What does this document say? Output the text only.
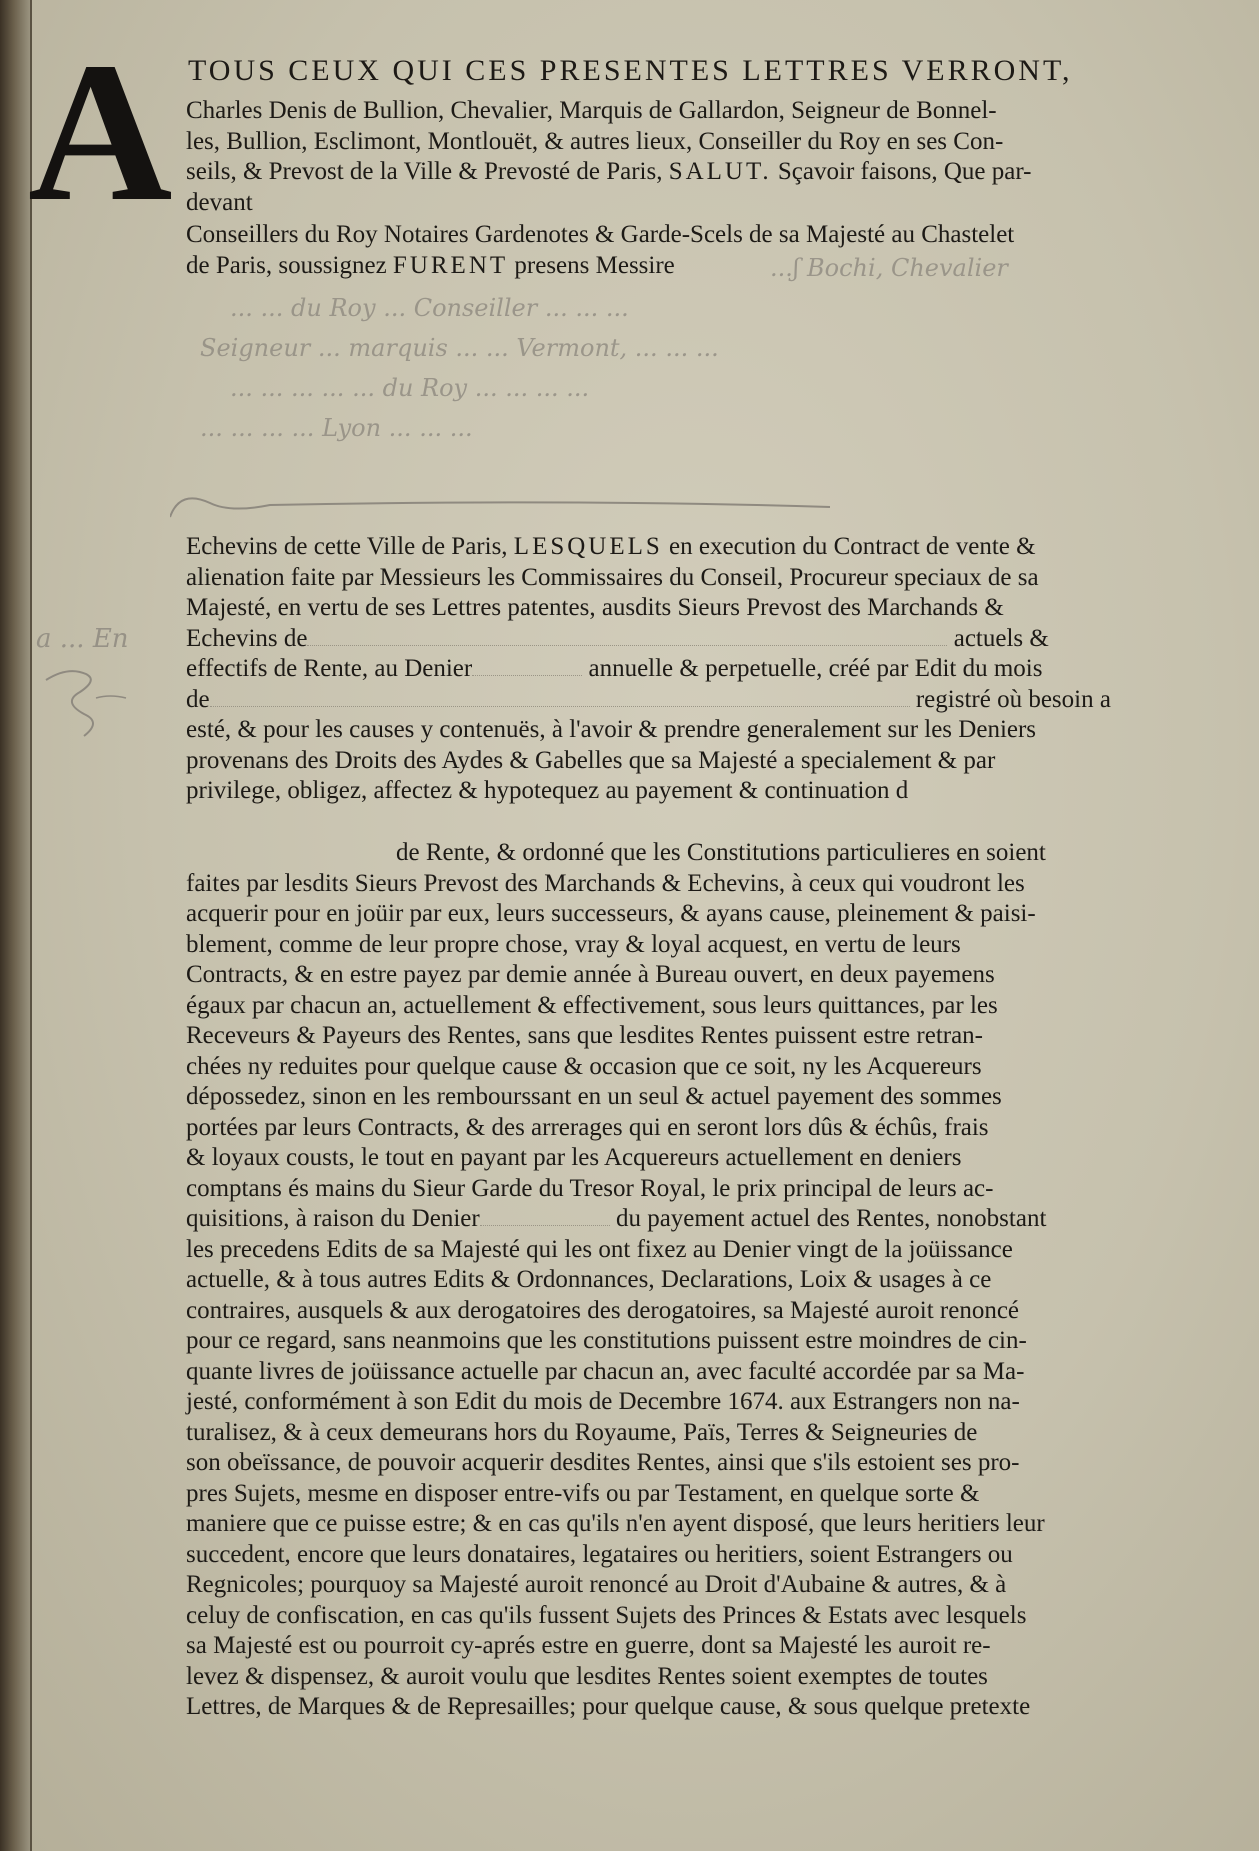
a ... En
A TOUS CEUX QUI CES PRESENTES LETTRES VERRONT,
Charles Denis de Bullion, Chevalier, Marquis de Gallardon, Seigneur de Bonnel-
les, Bullion, Esclimont, Montlouët, & autres lieux, Conseiller du Roy en ses Con-
seils, & Prevost de la Ville & Prevosté de Paris, SALUT. Sçavoir faisons, Que par-
devant
Conseillers du Roy Notaires Gardenotes & Garde-Scels de sa Majesté au Chastelet
de Paris, soussignez FURENT presens Messire	...ʃ Bochi, Chevalier
... ... du Roy ... Conseiller ... ... ...
Seigneur ... marquis ... ... Vermont, ... ... ...
... ... ... ... ... du Roy ... ... ... ...
... ... ... ... Lyon ... ... ...
Echevins de cette Ville de Paris, LESQUELS en execution du Contract de vente &
alienation faite par Messieurs les Commissaires du Conseil, Procureur speciaux de sa
Majesté, en vertu de ses Lettres patentes, ausdits Sieurs Prevost des Marchands &
Echevins de	actuels &
effectifs de Rente, au Denier	annuelle & perpetuelle, créé par Edit du mois
de	registré où besoin a
esté, & pour les causes y contenuës, à l'avoir & prendre generalement sur les Deniers
provenans des Droits des Aydes & Gabelles que sa Majesté a specialement & par
privilege, obligez, affectez & hypotequez au payement & continuation d
de Rente, & ordonné que les Constitutions particulieres en soient
faites par lesdits Sieurs Prevost des Marchands & Echevins, à ceux qui voudront les
acquerir pour en joüir par eux, leurs successeurs, & ayans cause, pleinement & paisi-
blement, comme de leur propre chose, vray & loyal acquest, en vertu de leurs
Contracts, & en estre payez par demie année à Bureau ouvert, en deux payemens
égaux par chacun an, actuellement & effectivement, sous leurs quittances, par les
Receveurs & Payeurs des Rentes, sans que lesdites Rentes puissent estre retran-
chées ny reduites pour quelque cause & occasion que ce soit, ny les Acquereurs
dépossedez, sinon en les rembourssant en un seul & actuel payement des sommes
portées par leurs Contracts, & des arrerages qui en seront lors dûs & échûs, frais
& loyaux cousts, le tout en payant par les Acquereurs actuellement en deniers
comptans és mains du Sieur Garde du Tresor Royal, le prix principal de leurs ac-
quisitions, à raison du Denier	du payement actuel des Rentes, nonobstant
les precedens Edits de sa Majesté qui les ont fixez au Denier vingt de la joüissance
actuelle, & à tous autres Edits & Ordonnances, Declarations, Loix & usages à ce
contraires, ausquels & aux derogatoires des derogatoires, sa Majesté auroit renoncé
pour ce regard, sans neanmoins que les constitutions puissent estre moindres de cin-
quante livres de joüissance actuelle par chacun an, avec faculté accordée par sa Ma-
jesté, conformément à son Edit du mois de Decembre 1674. aux Estrangers non na-
turalisez, & à ceux demeurans hors du Royaume, Païs, Terres & Seigneuries de
son obeïssance, de pouvoir acquerir desdites Rentes, ainsi que s'ils estoient ses pro-
pres Sujets, mesme en disposer entre-vifs ou par Testament, en quelque sorte &
maniere que ce puisse estre; & en cas qu'ils n'en ayent disposé, que leurs heritiers leur
succedent, encore que leurs donataires, legataires ou heritiers, soient Estrangers ou
Regnicoles; pourquoy sa Majesté auroit renoncé au Droit d'Aubaine & autres, & à
celuy de confiscation, en cas qu'ils fussent Sujets des Princes & Estats avec lesquels
sa Majesté est ou pourroit cy-aprés estre en guerre, dont sa Majesté les auroit re-
levez & dispensez, & auroit voulu que lesdites Rentes soient exemptes de toutes
Lettres, de Marques & de Represailles; pour quelque cause, & sous quelque pretexte
